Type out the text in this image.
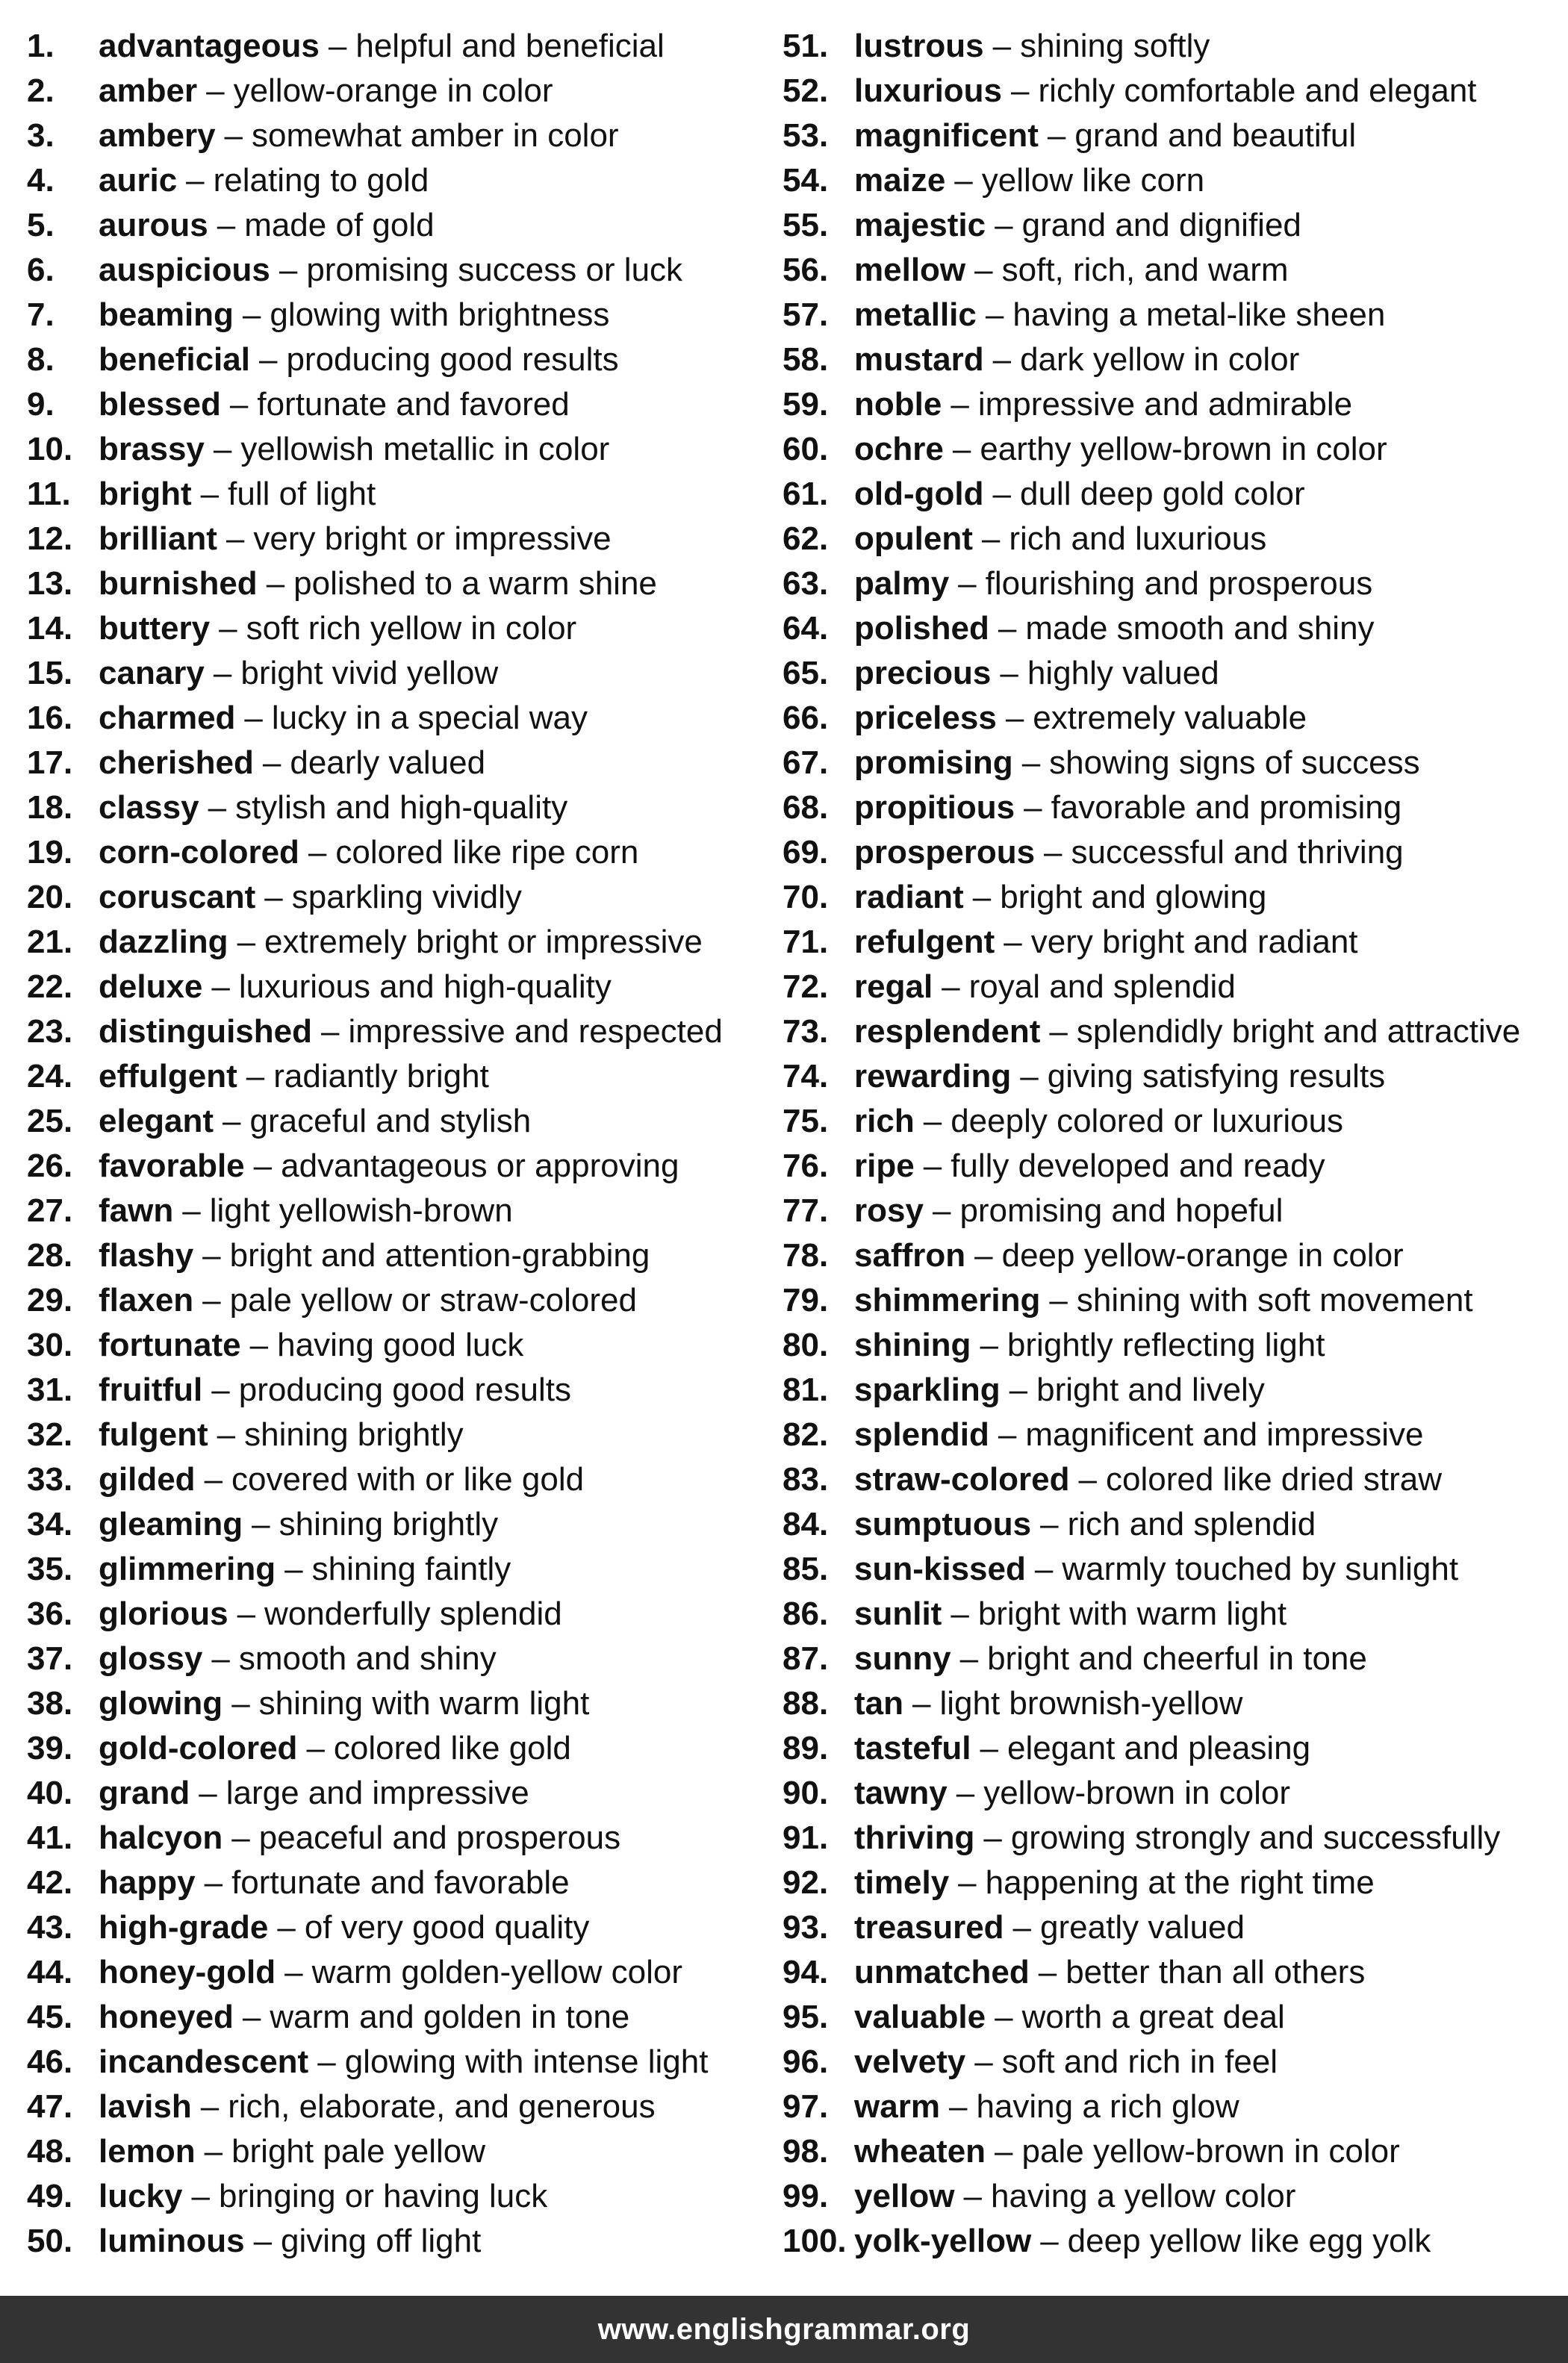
1.	advantageous – helpful and beneficial
2.	amber – yellow-orange in color
3.	ambery – somewhat amber in color
4.	auric – relating to gold
5.	aurous – made of gold
6.	auspicious – promising success or luck
7.	beaming – glowing with brightness
8.	beneficial – producing good results
9.	blessed – fortunate and favored
10. brassy – yellowish metallic in color
11. bright – full of light
12. brilliant – very bright or impressive
13. burnished – polished to a warm shine
14. buttery – soft rich yellow in color
15. canary – bright vivid yellow
16. charmed – lucky in a special way
17. cherished – dearly valued
18. classy – stylish and high-quality
19. corn-colored – colored like ripe corn
20. coruscant – sparkling vividly
21. dazzling – extremely bright or impressive
22. deluxe – luxurious and high-quality
23. distinguished – impressive and respected
24. effulgent – radiantly bright
25. elegant – graceful and stylish
26. favorable – advantageous or approving
27. fawn – light yellowish-brown
28. flashy – bright and attention-grabbing
29. flaxen – pale yellow or straw-colored
30. fortunate – having good luck
31. fruitful – producing good results
32. fulgent – shining brightly
33. gilded – covered with or like gold
34. gleaming – shining brightly
35. glimmering – shining faintly
36. glorious – wonderfully splendid
37. glossy – smooth and shiny
38. glowing – shining with warm light
39. gold-colored – colored like gold
40. grand – large and impressive
41. halcyon – peaceful and prosperous
42. happy – fortunate and favorable
43. high-grade – of very good quality
44. honey-gold – warm golden-yellow color
45. honeyed – warm and golden in tone
46. incandescent – glowing with intense light
47. lavish – rich, elaborate, and generous
48. lemon – bright pale yellow
49. lucky – bringing or having luck
50. luminous – giving off light
51. lustrous – shining softly
52. luxurious – richly comfortable and elegant
53. magnificent – grand and beautiful
54. maize – yellow like corn
55. majestic – grand and dignified
56. mellow – soft, rich, and warm
57. metallic – having a metal-like sheen
58. mustard – dark yellow in color
59. noble – impressive and admirable
60. ochre – earthy yellow-brown in color
61. old-gold – dull deep gold color
62. opulent – rich and luxurious
63. palmy – flourishing and prosperous
64. polished – made smooth and shiny
65. precious – highly valued
66. priceless – extremely valuable
67. promising – showing signs of success
68. propitious – favorable and promising
69. prosperous – successful and thriving
70. radiant – bright and glowing
71. refulgent – very bright and radiant
72. regal – royal and splendid
73. resplendent – splendidly bright and attractive
74. rewarding – giving satisfying results
75. rich – deeply colored or luxurious
76. ripe – fully developed and ready
77. rosy – promising and hopeful
78. saffron – deep yellow-orange in color
79. shimmering – shining with soft movement
80. shining – brightly reflecting light
81. sparkling – bright and lively
82. splendid – magnificent and impressive
83. straw-colored – colored like dried straw
84. sumptuous – rich and splendid
85. sun-kissed – warmly touched by sunlight
86. sunlit – bright with warm light
87. sunny – bright and cheerful in tone
88. tan – light brownish-yellow
89. tasteful – elegant and pleasing
90. tawny – yellow-brown in color
91. thriving – growing strongly and successfully
92. timely – happening at the right time
93. treasured – greatly valued
94. unmatched – better than all others
95. valuable – worth a great deal
96. velvety – soft and rich in feel
97. warm – having a rich glow
98. wheaten – pale yellow-brown in color
99. yellow – having a yellow color
100. yolk-yellow – deep yellow like egg yolk
www.englishgrammar.org
